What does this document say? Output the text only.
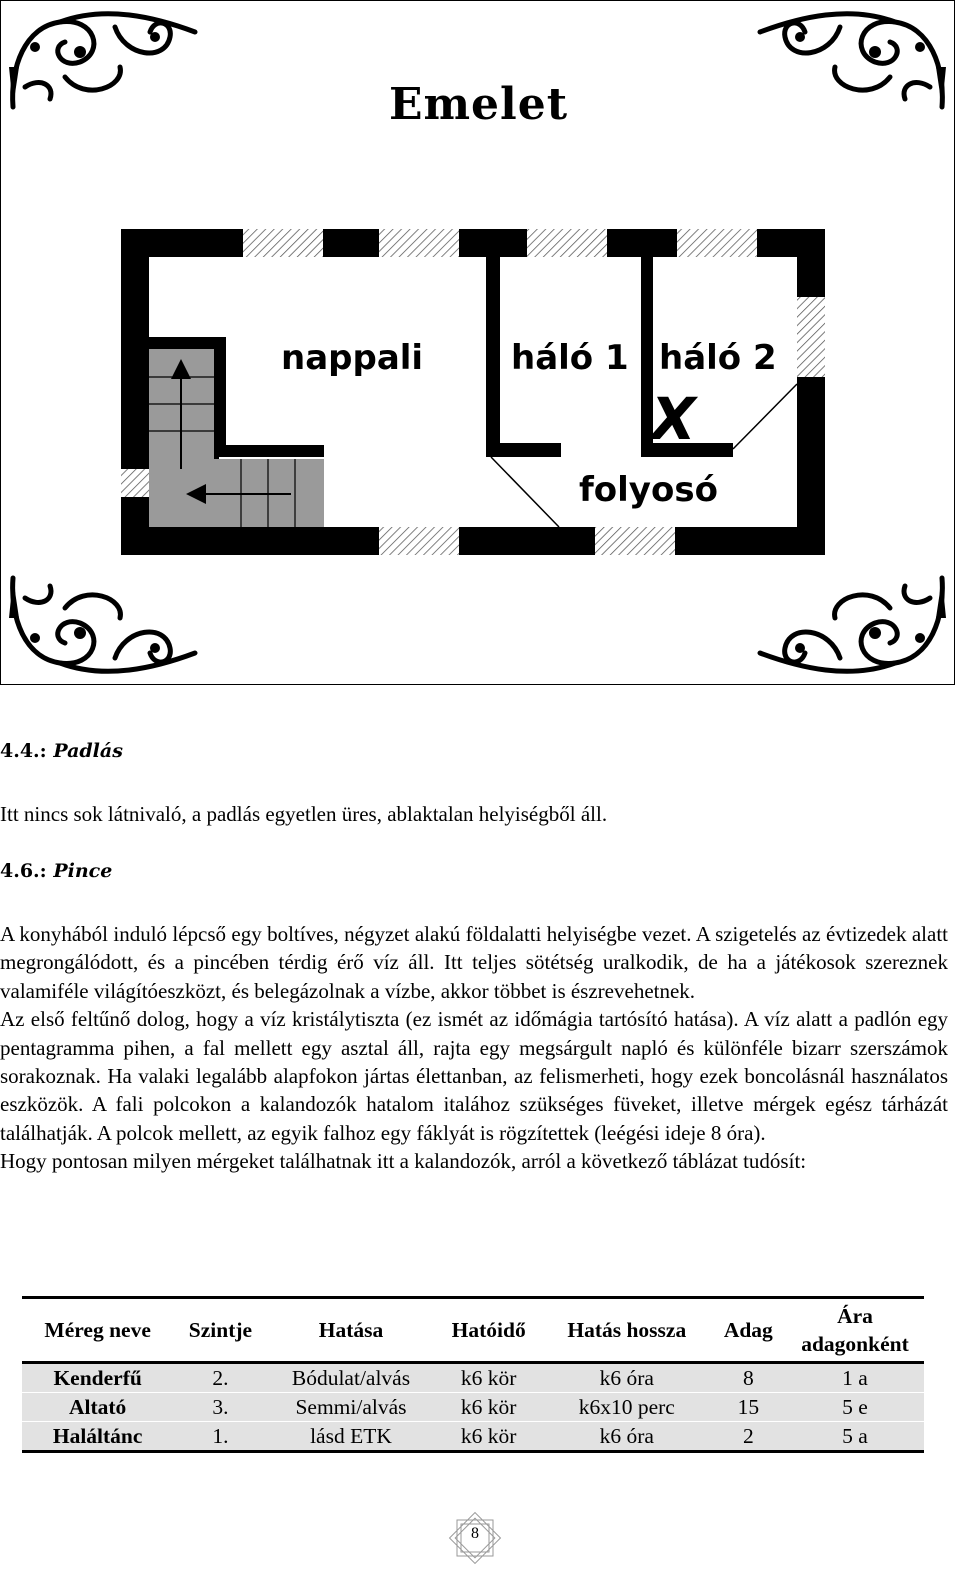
Emelet
nappali	háló 1 háló 2
X
folyosó
4.4.: Padlás

Itt nincs sok látnivaló, a padlás egyetlen üres, ablaktalan helyiségből áll.

4.6.: Pince

A konyhából induló lépcső egy boltíves, négyzet alakú földalatti helyiségbe vezet. A szigetelés az évtizedek alatt megrongálódott, és a pincében térdig érő víz áll. Itt teljes sötétség uralkodik, de ha a játékosok szereznek valamiféle világítóeszközt, és belegázolnak a vízbe, akkor többet is észrevehetnek.

Az első feltűnő dolog, hogy a víz kristálytiszta (ez ismét az időmágia tartósító hatása). A víz alatt a padlón egy pentagramma pihen, a fal mellett egy asztal áll, rajta egy megsárgult napló és különféle bizarr szerszámok sorakoznak. Ha valaki legalább alapfokon jártas élettanban, az felismerheti, hogy ezek boncolásnál használatos eszközök. A fali polcokon a kalandozók hatalom italához szükséges füveket, illetve mérgek egész tárházát találhatják. A polcok mellett, az egyik falhoz egy fáklyát is rögzítettek (leégési ideje 8 óra).

Hogy pontosan milyen mérgeket találhatnak itt a kalandozók, arról a következő táblázat tudósít:

Méreg neve	Szintje	Hatása	Hatóidő	Hatás hossza	Adag	Ára adagonként
Kenderfű	2.	Bódulat/alvás	k6 kör	k6 óra	8	1 a
Altató	3.	Semmi/alvás	k6 kör	k6x10 perc	15	5 e
Haláltánc	1.	lásd ETK	k6 kör	k6 óra	2	5 a
8
